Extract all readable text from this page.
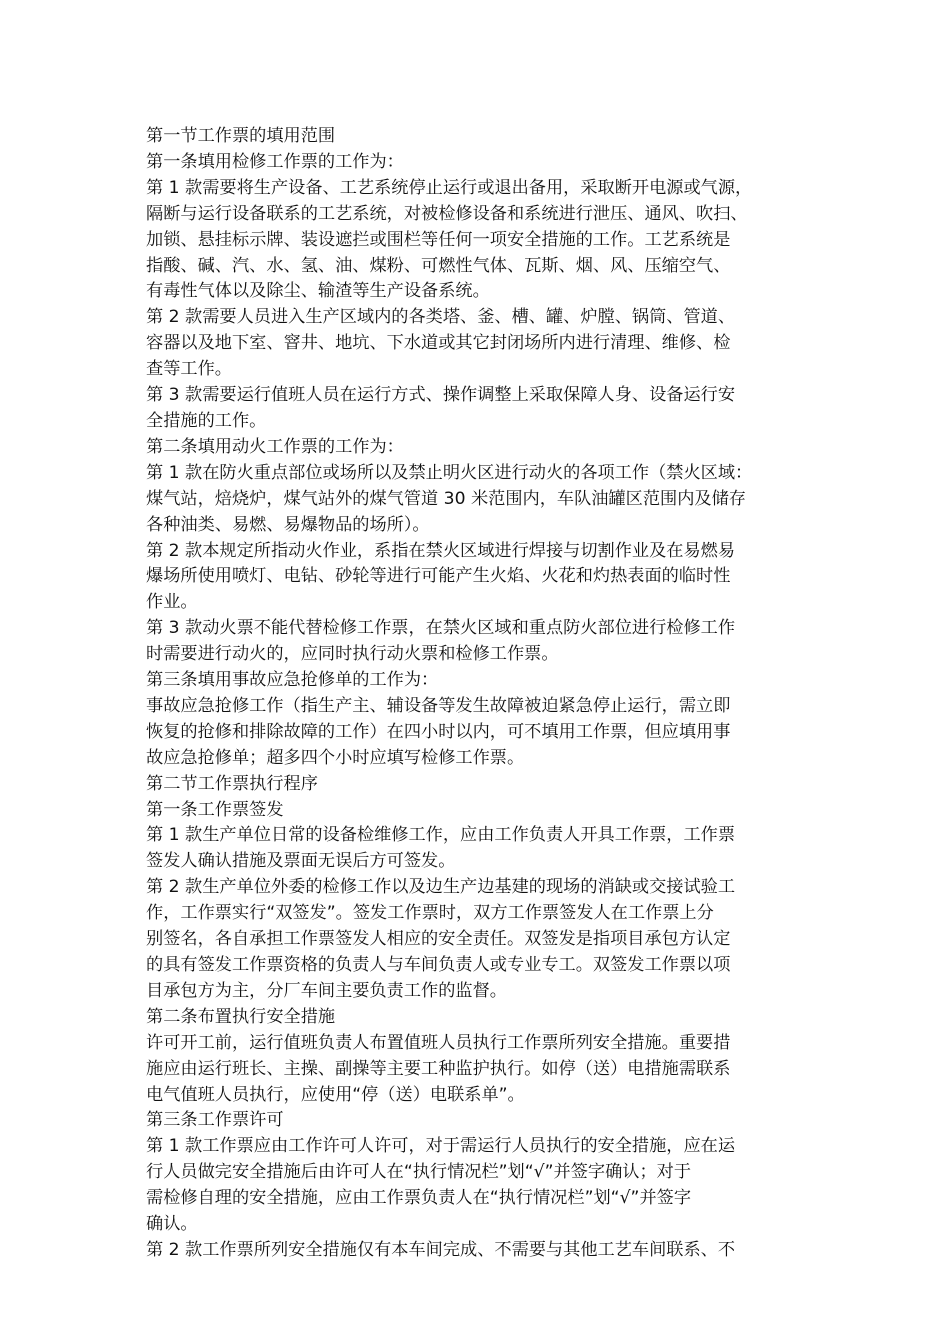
第一节工作票的填用范围

第一条填用检修工作票的工作为：

第 1 款需要将生产设备、工艺系统停止运行或退出备用，采取断开电源或气源，

隔断与运行设备联系的工艺系统，对被检修设备和系统进行泄压、通风、吹扫、

加锁、悬挂标示牌、装设遮拦或围栏等任何一项安全措施的工作。工艺系统是

指酸、碱、汽、水、氢、油、煤粉、可燃性气体、瓦斯、烟、风、压缩空气、

有毒性气体以及除尘、输渣等生产设备系统。

第 2 款需要人员进入生产区域内的各类塔、釜、槽、罐、炉膛、锅筒、管道、

容器以及地下室、窨井、地坑、下水道或其它封闭场所内进行清理、维修、检

查等工作。

第 3 款需要运行值班人员在运行方式、操作调整上采取保障人身、设备运行安

全措施的工作。

第二条填用动火工作票的工作为：

第 1 款在防火重点部位或场所以及禁止明火区进行动火的各项工作（禁火区域：

煤气站，焙烧炉，煤气站外的煤气管道 30 米范围内，车队油罐区范围内及储存

各种油类、易燃、易爆物品的场所）。

第 2 款本规定所指动火作业，系指在禁火区域进行焊接与切割作业及在易燃易

爆场所使用喷灯、电钻、砂轮等进行可能产生火焰、火花和灼热表面的临时性

作业。

第 3 款动火票不能代替检修工作票，在禁火区域和重点防火部位进行检修工作

时需要进行动火的，应同时执行动火票和检修工作票。

第三条填用事故应急抢修单的工作为：

事故应急抢修工作（指生产主、辅设备等发生故障被迫紧急停止运行，需立即

恢复的抢修和排除故障的工作）在四小时以内，可不填用工作票，但应填用事

故应急抢修单；超多四个小时应填写检修工作票。

第二节工作票执行程序

第一条工作票签发

第 1 款生产单位日常的设备检维修工作，应由工作负责人开具工作票，工作票

签发人确认措施及票面无误后方可签发。

第 2 款生产单位外委的检修工作以及边生产边基建的现场的消缺或交接试验工

作，工作票实行“双签发”。签发工作票时，双方工作票签发人在工作票上分

别签名，各自承担工作票签发人相应的安全责任。双签发是指项目承包方认定

的具有签发工作票资格的负责人与车间负责人或专业专工。双签发工作票以项

目承包方为主，分厂车间主要负责工作的监督。

第二条布置执行安全措施

许可开工前，运行值班负责人布置值班人员执行工作票所列安全措施。重要措

施应由运行班长、主操、副操等主要工种监护执行。如停（送）电措施需联系

电气值班人员执行，应使用“停（送）电联系单”。

第三条工作票许可

第 1 款工作票应由工作许可人许可，对于需运行人员执行的安全措施，应在运

行人员做完安全措施后由许可人在“执行情况栏”划“√”并签字确认；对于

需检修自理的安全措施，应由工作票负责人在“执行情况栏”划“√”并签字

确认。

第 2 款工作票所列安全措施仅有本车间完成、不需要与其他工艺车间联系、不
